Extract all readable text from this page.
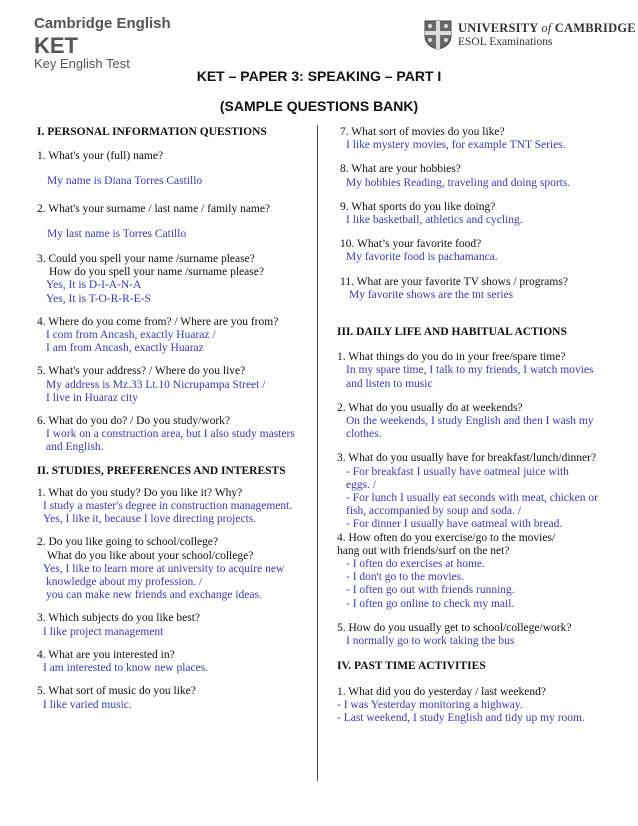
Cambridge English
KET
Key English Test
UNIVERSITY of CAMBRIDGE
ESOL Examinations
KET – PAPER 3: SPEAKING – PART I
(SAMPLE QUESTIONS BANK)

I. PERSONAL INFORMATION QUESTIONS

1. What's your (full) name?

My name is Diana Torres Castillo

2. What's your surname / last name / family name?

My last name is Torres Catillo

3. Could you spell your name /surname please?

How do you spell your name /surname please?

Yes, It is D-I-A-N-A

Yes, It is T-O-R-R-E-S

4. Where do you come from? / Where are you from?

I com from Ancash, exactly Huaraz /

I am from Ancash, exactly Huaraz

5. What's your address? / Where do you live?

My address is Mz.33 Lt.10 Nicrupampa Street /

I live in Huaraz city

6. What do you do? / Do you study/work?

I work on a construction area, but I also study masters

and English.

II. STUDIES, PREFERENCES AND INTERESTS

1. What do you study? Do you like it? Why?

I study a master's degree in construction management.

Yes, I like it, because I love directing projects.

2. Do you like going to school/college?

What do you like about your school/college?

Yes, I like to learn more at university to acquire new

knowledge about my profession. /

you can make new friends and exchange ideas.

3. Which subjects do you like best?

I like project management

4. What are you interested in?

I am interested to know new places.

5. What sort of music do you like?

I like varied music.

7. What sort of movies do you like?

I like mystery movies, for example TNT Series.

8. What are your hobbies?

My hobbies Reading, traveling and doing sports.

9. What sports do you like doing?

I like basketball, athletics and cycling.

10. What’s your favorite food?

My favorite food is pachamanca.

11. What are your favorite TV shows / programs?

My favorite shows are the tnt series

III. DAILY LIFE AND HABITUAL ACTIONS

1. What things do you do in your free/spare time?

In my spare time, I talk to my friends, I watch movies

and listen to music

2. What do you usually do at weekends?

On the weekends, I study English and then I wash my

clothes.

3. What do you usually have for breakfast/lunch/dinner?

- For breakfast I usually have oatmeal juice with

eggs. /

- For lunch I usually eat seconds with meat, chicken or

fish, accompanied by soup and soda. /

- For dinner I usually have oatmeal with bread.

4. How often do you exercise/go to the movies/

hang out with friends/surf on the net?

- I often do exercises at home.

- I don't go to the movies.

- I often go out with friends running.

- I often go online to check my mail.

5. How do you usually get to school/college/work?

I normally go to work taking the bus

IV. PAST TIME ACTIVITIES

1. What did you do yesterday / last weekend?

- I was Yesterday monitoring a highway.

- Last weekend, I study English and tidy up my room.
